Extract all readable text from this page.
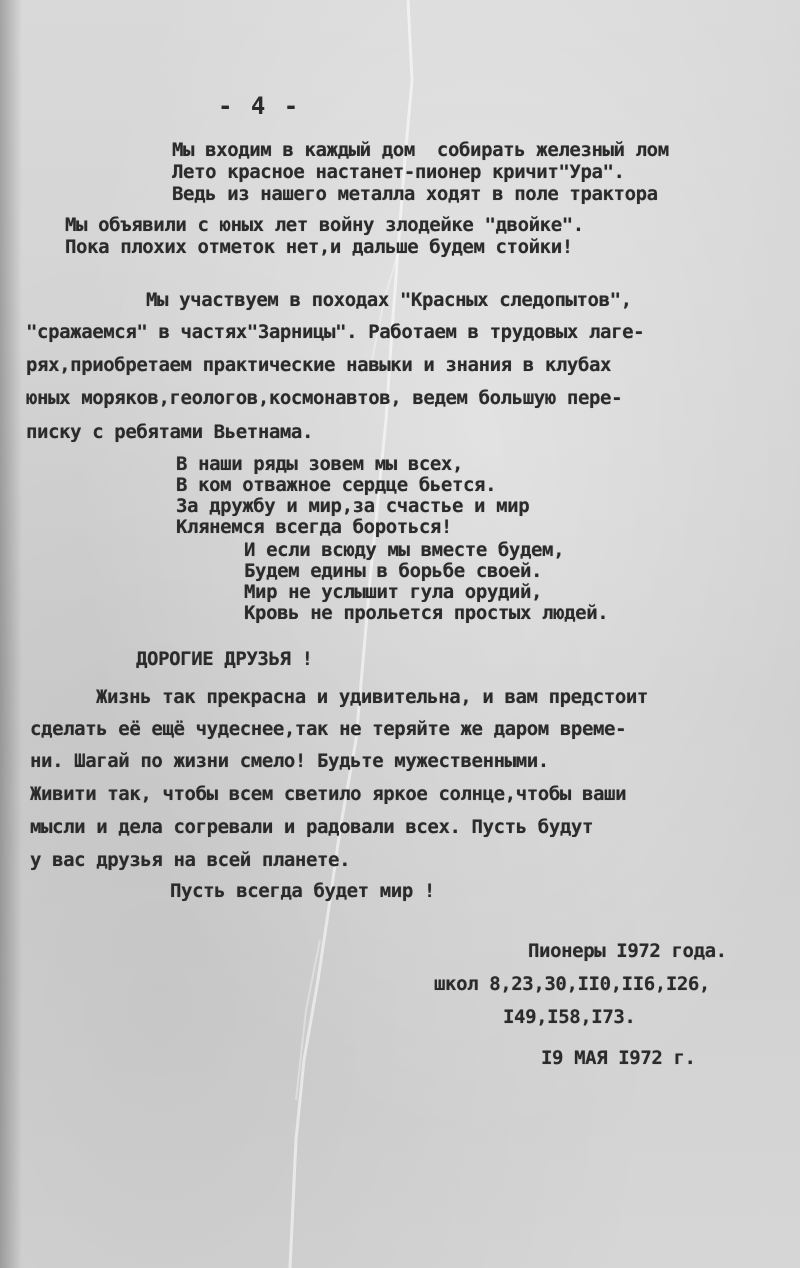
- 4 -

Мы входим в каждый дом  собирать железный лом

Лето красное настанет-пионер кричит"Ура".

Ведь из нашего металла ходят в поле трактора

Мы объявили с юных лет войну злодейке "двойке".

Пока плохих отметок нет,и дальше будем стойки!

Мы участвуем в походах "Красных следопытов",

"сражаемся" в частях"Зарницы". Работаем в трудовых лаге-

рях,приобретаем практические навыки и знания в клубах

юных моряков,геологов,космонавтов, ведем большую пере-

писку с ребятами Вьетнама.

В наши ряды зовем мы всех,

В ком отважное сердце бьется.

За дружбу и мир,за счастье и мир

Клянемся всегда бороться!

И если всюду мы вместе будем,

Будем едины в борьбе своей.

Мир не услышит гула орудий,

Кровь не прольется простых людей.

ДОРОГИЕ ДРУЗЬЯ !

Жизнь так прекрасна и удивительна, и вам предстоит

сделать её ещё чудеснее,так не теряйте же даром време-

ни. Шагай по жизни смело! Будьте мужественными.

Живити так, чтобы всем светило яркое солнце,чтобы ваши

мысли и дела согревали и радовали всех. Пусть будут

у вас друзья на всей планете.

Пусть всегда будет мир !

Пионеры I972 года.

школ 8,23,30,II0,II6,I26,

I49,I58,I73.

I9 МАЯ I972 г.
